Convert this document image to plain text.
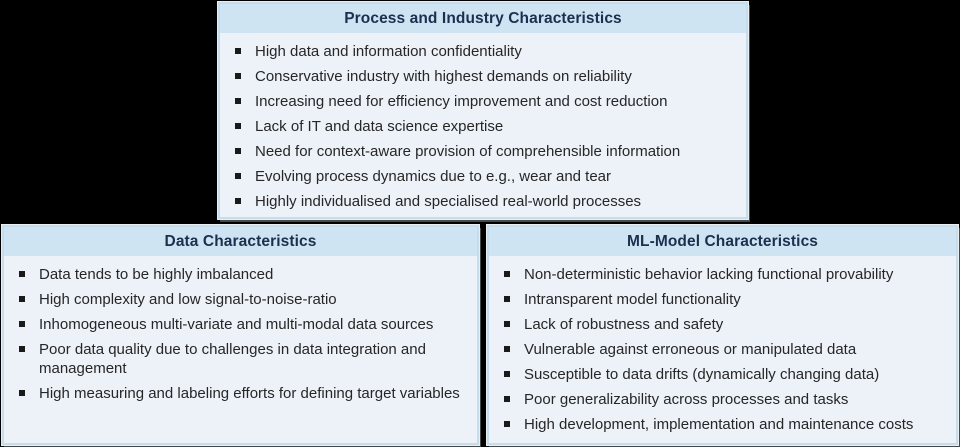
Process and Industry Characteristics
High data and information confidentiality
Conservative industry with highest demands on reliability
Increasing need for efficiency improvement and cost reduction
Lack of IT and data science expertise
Need for context-aware provision of comprehensible information
Evolving process dynamics due to e.g., wear and tear
Highly individualised and specialised real-world processes
Data Characteristics
Data tends to be highly imbalanced
High complexity and low signal-to-noise-ratio
Inhomogeneous multi-variate and multi-modal data sources
Poor data quality due to challenges in data integration and management
High measuring and labeling efforts for defining target variables
ML-Model Characteristics
Non-deterministic behavior lacking functional provability
Intransparent model functionality
Lack of robustness and safety
Vulnerable against erroneous or manipulated data
Susceptible to data drifts (dynamically changing data)
Poor generalizability across processes and tasks
High development, implementation and maintenance costs
